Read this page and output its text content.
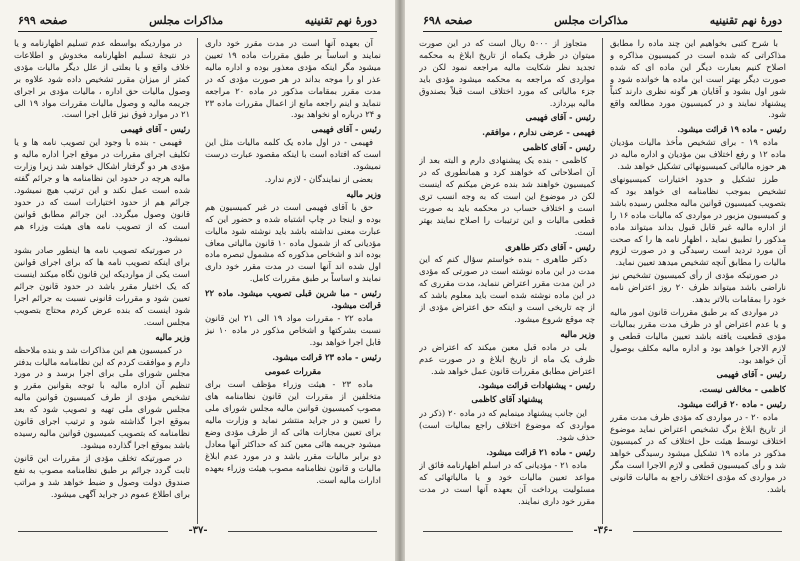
دورهٔ نهم تقنینیه
مذاکرات مجلس
صفحه ۶۹۹

آن بعهده آنها است در مدت مقرر خود داری نمایند و اساساً بر طبق مقررات ماده ۱۹ تعیین میشود مگر اینکه مؤدی معذور بوده و اداره مالیه عذر او را موجه بداند در هر صورت مؤدی که در مدت مقرر بمقامات مذکور در ماده ۲۰ مراجعه ننماید و اینم راجعه مانع از اعمال مقررات ماده ۲۳ و ۲۴ درباره او نخواهد بود.

رئیس - آقای فهیمی

فهیمی - در اول ماده یک کلمه مالیات مثل این است که افتاده است با اینکه مقصود عبارت درست نمیشود.

بعضی از نمایندگان - لازم ندارد.

وزیر مالیه

حق با آقای فهیمی است در غیر کمیسیون هم بوده و اینجا در چاپ اشتباه شده و حضور این که عبارت معنی نداشته باشد باید نوشته شود مالیات مؤدیانی که از شمول ماده ۱۰ قانون مالیاتی معاف بوده اند و اشخاص مذکوره که مشمول تبصره ماده اول شده اند آنها است در مدت مقرر خود داری نمایند و اساساً بر طبق مقررات کامل.

رئیس - مبا شرین قبلی تصویب میشود. ماده ۲۲ قرائت میشود.

ماده ۲۲ - مقررات مواد ۱۹ الی ۲۱ این قانون نسبت بشرکتها و اشخاص مذکور در ماده ۱۰ نیز قابل اجرا خواهد بود.

رئیس - ماده ۲۳ قرائت میشود.

مقررات عمومی

ماده ۲۳ - هیئت وزراء مؤظف است برای متخلفین از مقررات این قانون نظامنامه های مصوب کمیسیون قوانین مالیه مجلس شورای ملی را تعیین و در جراید منتشر نماید و وزارت مالیه برای تعیین مجازات هائی که از طرف مؤدی وضع میشود جریمه هائی معین کند که حداکثر آنها معادل دو برابر مالیات مقرر باشد و در مورد عدم ابلاغ مالیات و قانون نظامنامه مصوب هیئت وزراء بعهده ادارات مالیه است.

در مواردیکه بواسطه عدم تسلیم اظهارنامه و یا در نتیجهٔ تسلیم اظهارنامه مخدوش و اطلاعات خلاف واقع و یا بعلتی از علل دیگر مالیات مؤدی کمتر از میزان مقرر تشخیص داده شود علاوه بر وصول مالیات حق اداره ، مالیات مؤدی بر اجرای جریمه مالیه و وصول مالیات مقررات مواد ۱۹ الی ۲۱ در موارد فوق نیز قابل اجرا است.

رئیس - آقای فهیمی

فهیمی - بنده با وجود این تصویب نامه ها و یا تکلیف اجرای مقررات در موقع اجرا اداره مالیه و مؤدی هر دو گرفتار اشکال خواهند شد زیرا وزارت مالیه هرچه در حدود این نظامنامه ها و جرائم گفته شده است عمل نکند و این ترتیب هیچ نمیشود. جرائم هم از حدود اختیارات است که در حدود قانون وصول میگردد. این جرائم مطابق قوانین است که از تصویب نامه های هیئت وزراء هم نمیشود.

در صورتیکه تصویب نامه ها اینطور صادر بشود برای اینکه تصویب نامه ها که برای اجرای قوانین است یکی از مواردیکه این قانون نگاه میکند اینست که یک اختیار مقرر باشد در حدود قانون جرائم تعیین شود و مقررات قانونی نسبت به جرائم اجرا شود اینست که بنده عرض کردم محتاج بتصویب مجلس است.

وزیر مالیه

در کمیسیون هم این مذاکرات شد و بنده ملاحظه دارم و موافقت کردم که این نظامنامه مالیات بدفتر مجلس شورای ملی برای اجرا برسد و در مورد تنظیم آن اداره مالیه با توجه بقوانین مقرر و تشخیص مؤدی از طرف کمیسیون قوانین مالیه مجلس شورای ملی تهیه و تصویب شود که بعد بموقع اجرا گذاشته شود و ترتیب اجرای قانون نظامنامه که بتصویب کمیسیون قوانین مالیه رسیده باشد بموقع اجرا گذارده میشود.

در صورتیکه تخلف مؤدی از مقررات این قانون ثابت گردد جرائم بر طبق نظامنامه مصوب به نفع صندوق دولت وصول و ضبط خواهد شد و مراتب برای اطلاع عموم در جراید آگهی میشود.

-۳۷-
دورهٔ نهم تقنینیه
مذاکرات مجلس
صفحه ۶۹۸

با شرح کتبی بخواهیم این چند ماده را مطابق مذاکراتی که شده است در کمیسیون مذاکره و اصلاح کنیم بعبارت دیگر این ماده ای که شده صورت دیگر بهتر است این ماده ها خوانده شود و شور اول بشود و آقایان هر گونه نظری دارند کتباً پیشنهاد نمایند و در کمیسیون مورد مطالعه واقع شود.

رئیس - ماده ۱۹ قرائت میشود.

ماده ۱۹ - برای تشخیص مأخذ مالیات مؤدیان ماده ۱۲ و رفع اختلاف بین مؤدیان و اداره مالیه در هر حوزه مالیاتی کمیسیونهائی تشکیل خواهد شد.

طرز تشکیل و حدود اختیارات کمیسیونهای تشخیص بموجب نظامنامه ای خواهد بود که بتصویب کمیسیون قوانین مالیه مجلس رسیده باشد و کمیسیون مزبور در مواردی که مالیات ماده ۱۶ را از اداره مالیه غیر قابل قبول بداند میتواند ماده مذکور را تطبیق نماید ، اظهار نامه ها را که صحت آن مورد تردید است رسیدگی و در صورت لزوم مالیات را مطابق آنچه تشخیص میدهد تعیین نماید.

در صورتیکه مؤدی از رأی کمیسیون تشخیص نیز ناراضی باشد میتواند ظرف ۲۰ روز اعتراض نامه خود را بمقامات بالاتر بدهد.

در مواردی که بر طبق مقررات قانون امور مالیه و یا عدم اعتراض او در ظرف مدت مقرر بمالیات مؤدی قطعیت یافته باشد تعیین مالیات قطعی و لازم الاجرا خواهد بود و اداره مالیه مکلف بوصول آن خواهد بود.

رئیس - آقای فهیمی

کاظمی - مخالفی نیست.

رئیس - ماده ۲۰ قرائت میشود.

ماده ۲۰ - در مواردی که مؤدی ظرف مدت مقرر از تاریخ ابلاغ برگ تشخیص اعتراض نماید موضوع اختلاف توسط هیئت حل اختلاف که در کمیسیون مذکور در ماده ۱۹ تشکیل میشود رسیدگی خواهد شد و رأی کمیسیون قطعی و لازم الاجرا است مگر در مواردی که مؤدی اختلاف راجع به مالیات قانونی باشد.

متجاوز از ۵۰۰۰ ریال است که در این صورت میتوان در ظرف یکماه از تاریخ ابلاغ به محکمه تجدید نظر شکایت مالیه مراجعه نمود لکن در مواردی که مراجعه به محکمه میشود مؤدی باید جزء مالیاتی که مورد اختلاف است قبلاً بصندوق مالیه بپردازد.

رئیس - آقای فهیمی

فهیمی - عرضی ندارم ، موافقم.

رئیس - آقای کاظمی

کاظمی - بنده یک پیشنهادی دارم و البته بعد از آن اصلاحاتی که خواهند کرد و همانطوری که در کمیسیون خواهند شد بنده عرض میکنم که اینست لکن در موضوع این است که به وجه انسب تری است و اختلاف حساب در محکمه باید به صورت قطعی مالیات و این ترتیبات را اصلاح نمایند بهتر است.

رئیس - آقای دکتر طاهری

دکتر طاهری - بنده خواستم سؤال کنم که این مدت در این ماده نوشته است در صورتی که مؤدی در این مدت مقرر اعتراض ننماید، مدت مقرری که در این ماده نوشته شده است باید معلوم باشد که از چه تاریخی است و اینکه حق اعتراض مؤدی از چه موقع شروع میشود.

وزیر مالیه

بلی در ماده قبل معین میکند که اعتراض در ظرف یک ماه از تاریخ ابلاغ و در صورت عدم اعتراض مطابق مقررات قانون عمل خواهد شد.

رئیس - پیشنهادات قرائت میشود.

پیشنهاد آقای کاظمی

این جانب پیشنهاد مینمایم که در ماده ۲۰ (ذکر در مواردی که موضوع اختلاف راجع بمالیات است) حذف شود.

رئیس - ماده ۲۱ قرائت میشود.

ماده ۲۱ - مؤدیانی که در اسلم اظهارنامه فائق از مواعد تعیین مالیات خود و یا مالیاتهائی که مسئولیت پرداخت آن بعهده آنها است در مدت مقرر خود داری نمایند.

-۳۶-
